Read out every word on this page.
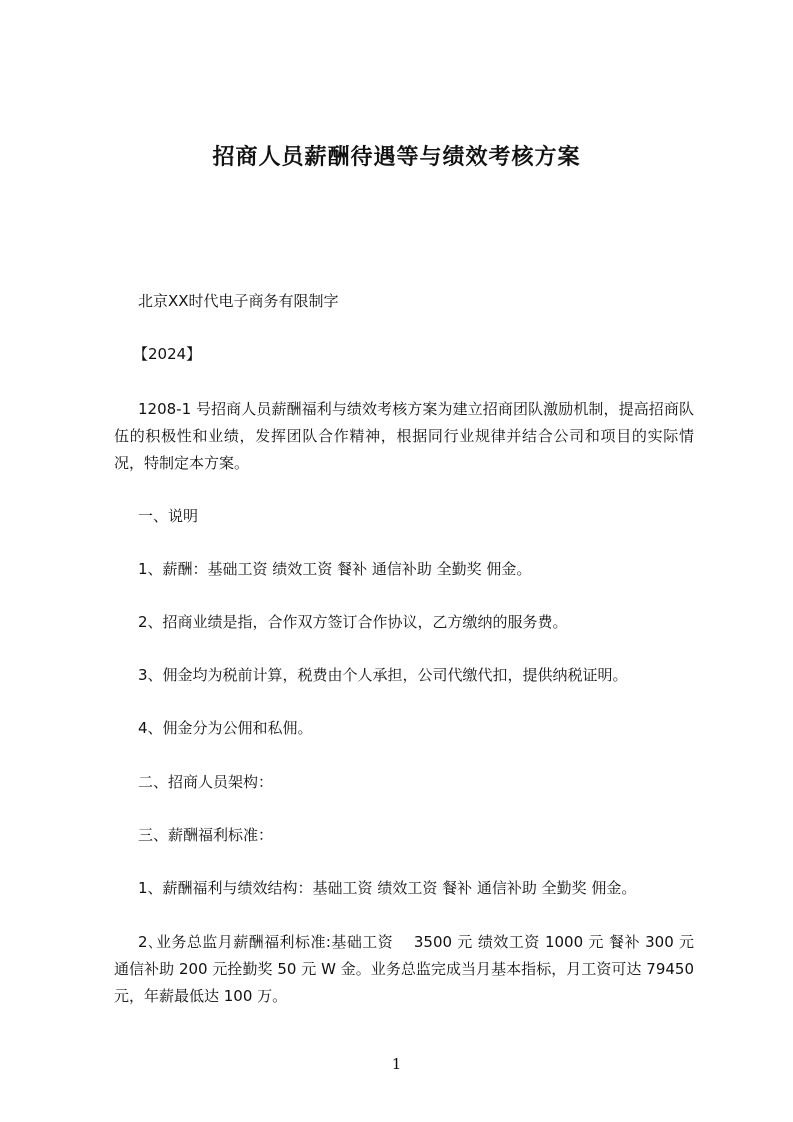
招商人员薪酬待遇等与绩效考核方案
北京XX时代电子商务有限制字
【2024】
1208-1 号招商人员薪酬福利与绩效考核方案为建立招商团队激励机制，提高招商队伍的积极性和业绩，发挥团队合作精神，根据同行业规律并结合公司和项目的实际情况，特制定本方案。
一、说明
1、薪酬：基础工资 绩效工资 餐补 通信补助 全勤奖 佣金。
2、招商业绩是指，合作双方签订合作协议，乙方缴纳的服务费。
3、佣金均为税前计算，税费由个人承担，公司代缴代扣，提供纳税证明。
4、佣金分为公佣和私佣。
二、招商人员架构：
三、薪酬福利标准：
1、薪酬福利与绩效结构：基础工资 绩效工资 餐补 通信补助 全勤奖 佣金。
2､业务总监月薪酬福利标准:基础工资　 3500 元 绩效工资 1000 元 餐补 300 元 通信补助 200 元拴勤奖 50 元 W 金。业务总监完成当月基本指标，月工资可达 79450 元，年薪最低达 100 万。
1
